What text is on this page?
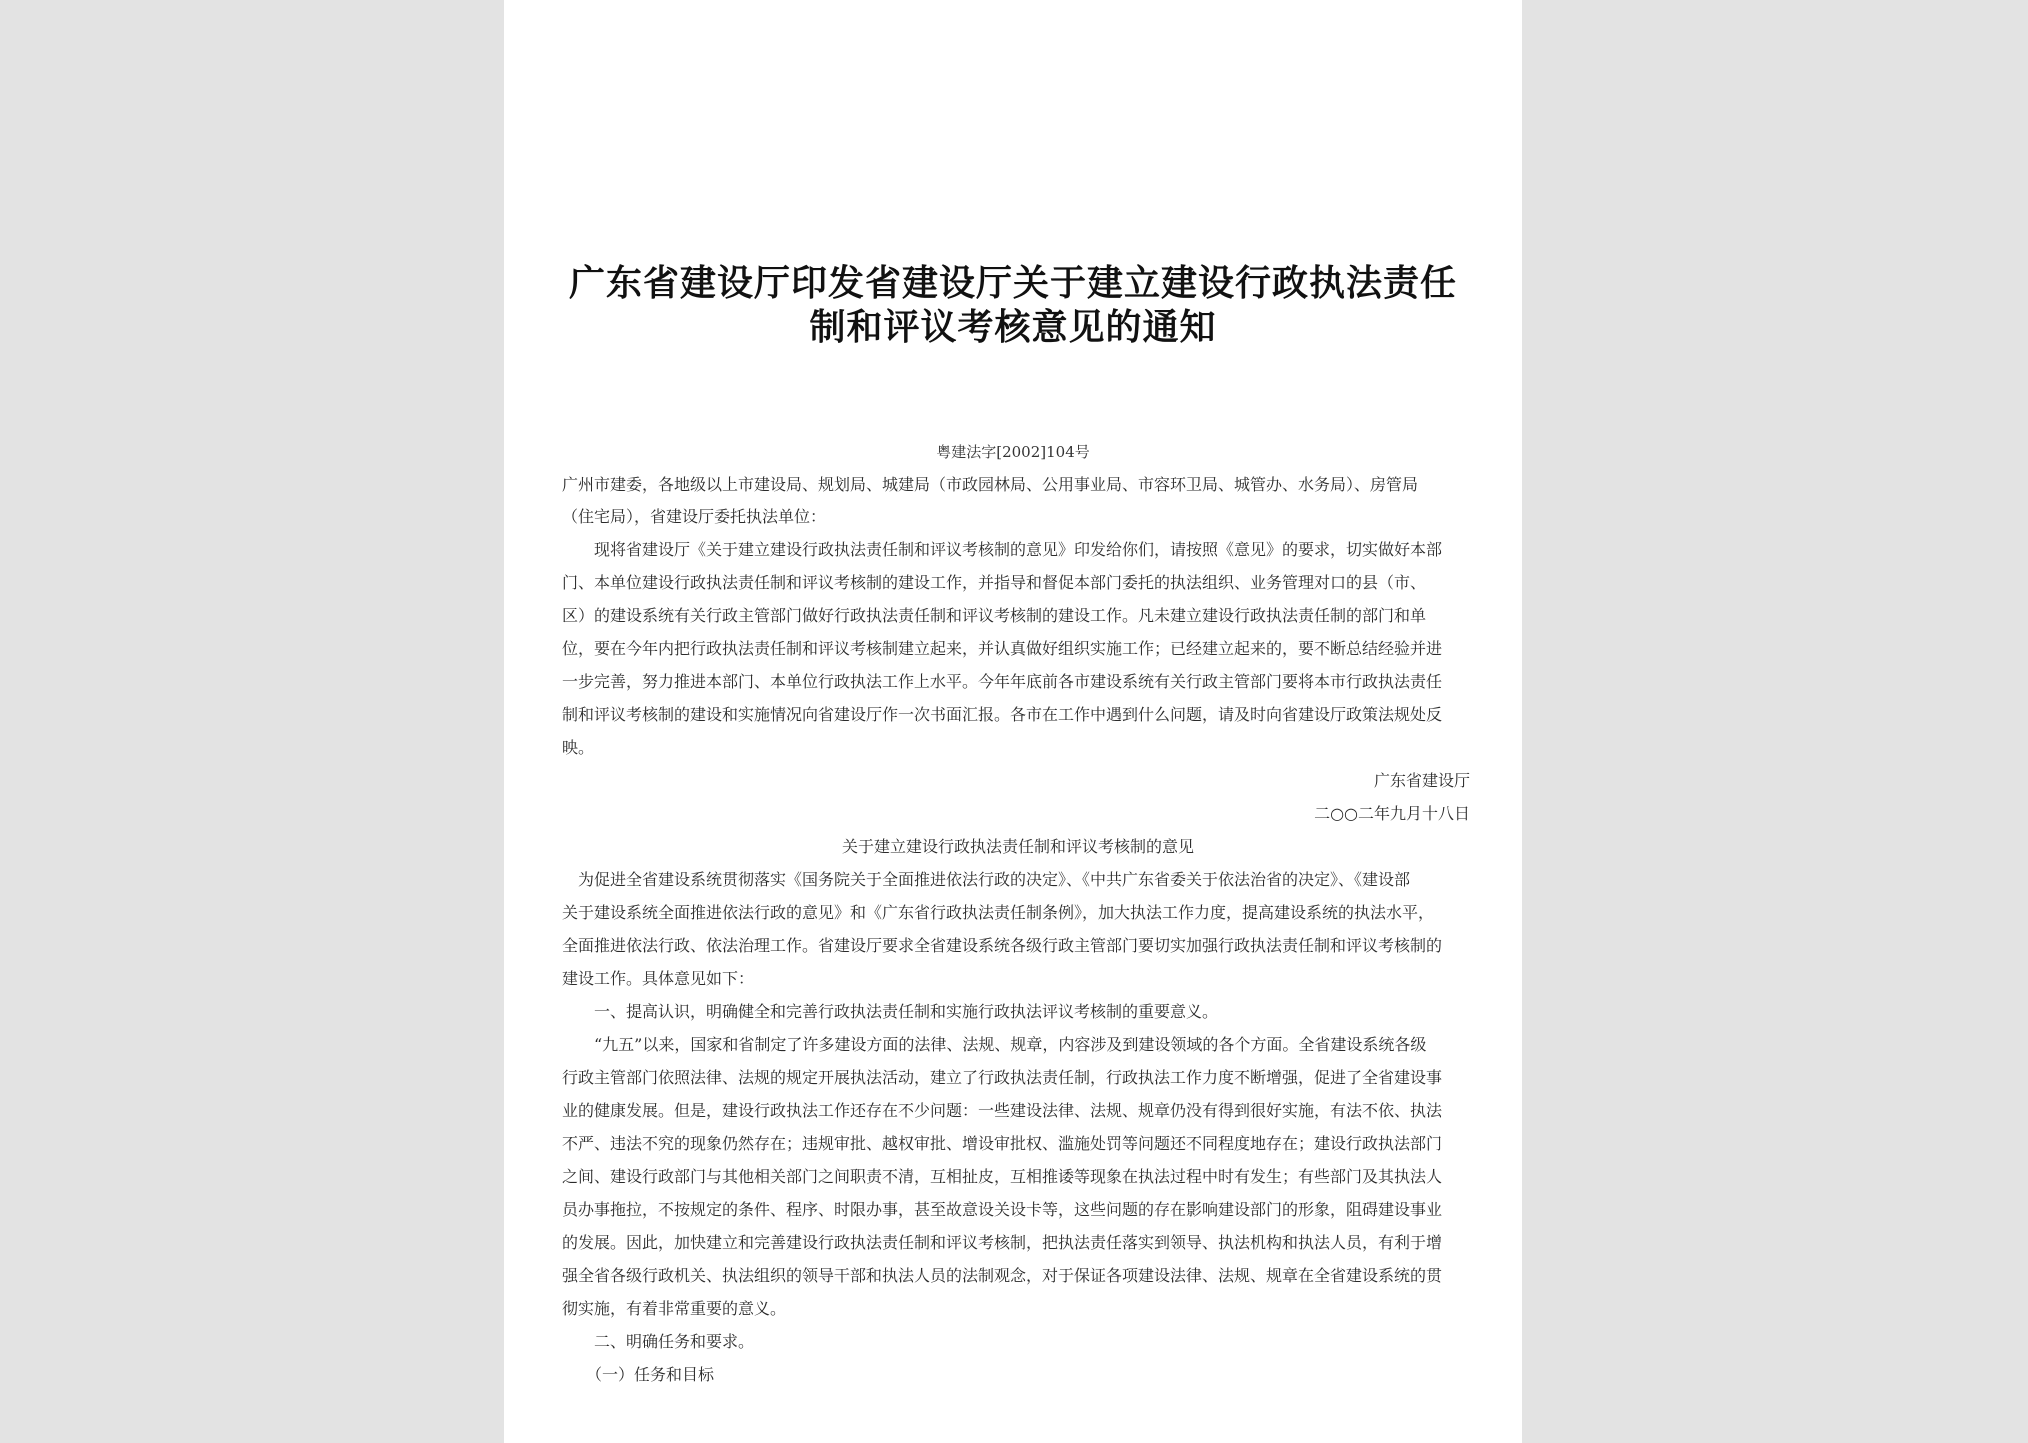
广东省建设厅印发省建设厅关于建立建设行政执法责任
制和评议考核意见的通知
粤建法字[2002]104号
广州市建委，各地级以上市建设局、规划局、城建局（市政园林局、公用事业局、市容环卫局、城管办、水务局）、房管局
（住宅局），省建设厅委托执法单位：
　　现将省建设厅《关于建立建设行政执法责任制和评议考核制的意见》印发给你们，请按照《意见》的要求，切实做好本部
门、本单位建设行政执法责任制和评议考核制的建设工作，并指导和督促本部门委托的执法组织、业务管理对口的县（市、
区）的建设系统有关行政主管部门做好行政执法责任制和评议考核制的建设工作。凡未建立建设行政执法责任制的部门和单
位，要在今年内把行政执法责任制和评议考核制建立起来，并认真做好组织实施工作；已经建立起来的，要不断总结经验并进
一步完善，努力推进本部门、本单位行政执法工作上水平。今年年底前各市建设系统有关行政主管部门要将本市行政执法责任
制和评议考核制的建设和实施情况向省建设厅作一次书面汇报。各市在工作中遇到什么问题，请及时向省建设厅政策法规处反
映。
广东省建设厅
二○○二年九月十八日
关于建立建设行政执法责任制和评议考核制的意见
　为促进全省建设系统贯彻落实《国务院关于全面推进依法行政的决定》、《中共广东省委关于依法治省的决定》、《建设部
关于建设系统全面推进依法行政的意见》和《广东省行政执法责任制条例》，加大执法工作力度，提高建设系统的执法水平，
全面推进依法行政、依法治理工作。省建设厅要求全省建设系统各级行政主管部门要切实加强行政执法责任制和评议考核制的
建设工作。具体意见如下：
　　一、提高认识，明确健全和完善行政执法责任制和实施行政执法评议考核制的重要意义。
　　“九五”以来，国家和省制定了许多建设方面的法律、法规、规章，内容涉及到建设领域的各个方面。全省建设系统各级
行政主管部门依照法律、法规的规定开展执法活动，建立了行政执法责任制，行政执法工作力度不断增强，促进了全省建设事
业的健康发展。但是，建设行政执法工作还存在不少问题：一些建设法律、法规、规章仍没有得到很好实施，有法不依、执法
不严、违法不究的现象仍然存在；违规审批、越权审批、增设审批权、滥施处罚等问题还不同程度地存在；建设行政执法部门
之间、建设行政部门与其他相关部门之间职责不清，互相扯皮，互相推诿等现象在执法过程中时有发生；有些部门及其执法人
员办事拖拉，不按规定的条件、程序、时限办事，甚至故意设关设卡等，这些问题的存在影响建设部门的形象，阻碍建设事业
的发展。因此，加快建立和完善建设行政执法责任制和评议考核制，把执法责任落实到领导、执法机构和执法人员，有利于增
强全省各级行政机关、执法组织的领导干部和执法人员的法制观念，对于保证各项建设法律、法规、规章在全省建设系统的贯
彻实施，有着非常重要的意义。
　　二、明确任务和要求。
　　（一）任务和目标
